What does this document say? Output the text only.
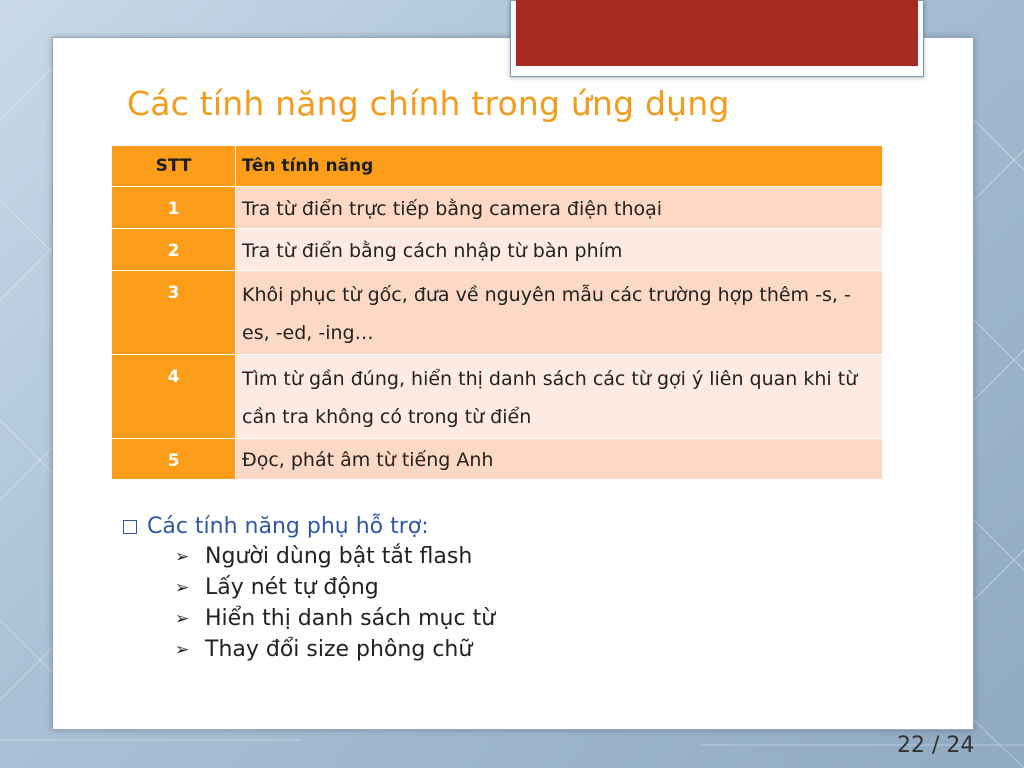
Các tính năng chính trong ứng dụng
STT	Tên tính năng
1	Tra từ điển trực tiếp bằng camera điện thoại
2	Tra từ điển bằng cách nhập từ bàn phím
3	Khôi phục từ gốc, đưa về nguyên mẫu các trường hợp thêm -s, -es, -ed, -ing…
4	Tìm từ gần đúng, hiển thị danh sách các từ gợi ý liên quan khi từ cần tra không có trong từ điển
5	Đọc, phát âm từ tiếng Anh
Các tính năng phụ hỗ trợ:
➢ Người dùng bật tắt flash
➢ Lấy nét tự động
➢ Hiển thị danh sách mục từ
➢ Thay đổi size phông chữ
22 / 24
